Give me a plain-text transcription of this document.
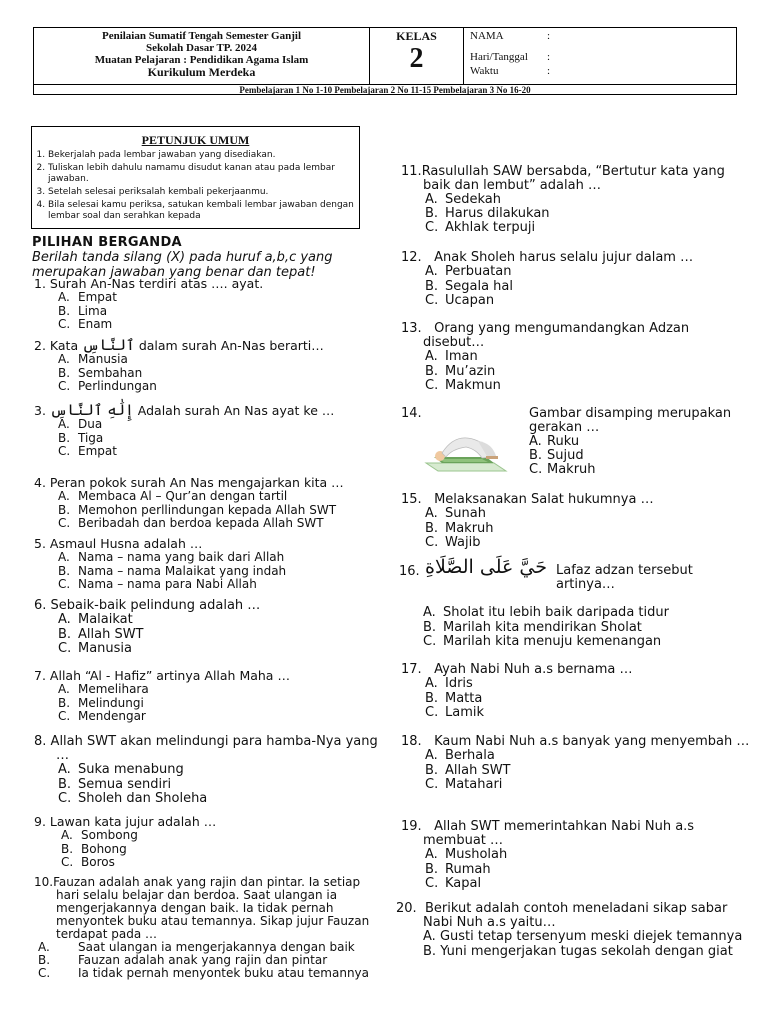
Penilaian Sumatif Tengah Semester Ganjil
Sekolah Dasar TP. 2024
Muatan Pelajaran : Pendidikan Agama Islam
Kurikulum Merdeka
KELAS
2
NAMA	:
Hari/Tanggal :
Waktu	:
Pembelajaran 1 No 1-10 Pembelajaran 2 No 11-15 Pembelajaran 3 No 16-20
PETUNJUK UMUM
1. Bekerjalah pada lembar jawaban yang disediakan.
2. Tuliskan lebih dahulu namamu disudut kanan atau pada lembar jawaban.
3. Setelah selesai periksalah kembali pekerjaanmu.
4. Bila selesai kamu periksa, satukan kembali lembar jawaban dengan lembar soal dan serahkan kepada
PILIHAN BERGANDA
Berilah tanda silang (X) pada huruf a,b,c yang merupakan jawaban yang benar dan tepat!
1. Surah An-Nas terdiri atas …. ayat.
A. Empat
B. Lima
C. Enam
2. Kata ٱلنَّاسِ dalam surah An-Nas berarti…
A. Manusia
B. Sembahan
C. Perlindungan
3. إِلَٰهِ ٱلنَّاسِ Adalah surah An Nas ayat ke …
A. Dua
B. Tiga
C. Empat
4. Peran pokok surah An Nas mengajarkan kita …
A. Membaca Al – Qur’an dengan tartil
B. Memohon perllindungan kepada Allah SWT
C. Beribadah dan berdoa kepada Allah SWT
5. Asmaul Husna adalah …
A. Nama – nama yang baik dari Allah
B. Nama – nama Malaikat yang indah
C. Nama – nama para Nabi Allah
6. Sebaik-baik pelindung adalah …
A. Malaikat
B. Allah SWT
C. Manusia
7. Allah “Al - Hafiz” artinya Allah Maha …
A. Memelihara
B. Melindungi
C. Mendengar
8. Allah SWT akan melindungi para hamba-Nya yang …
A. Suka menabung
B. Semua sendiri
C. Sholeh dan Sholeha
9. Lawan kata jujur adalah …
A. Sombong
B. Bohong
C. Boros
10.Fauzan adalah anak yang rajin dan pintar. Ia setiap hari selalu belajar dan berdoa. Saat ulangan ia mengerjakannya dengan baik. Ia tidak pernah menyontek buku atau temannya. Sikap jujur Fauzan terdapat pada …
A. Saat ulangan ia mengerjakannya dengan baik
B. Fauzan adalah anak yang rajin dan pintar
C. Ia tidak pernah menyontek buku atau temannya
11.Rasulullah SAW bersabda, “Bertutur kata yang baik dan lembut” adalah …
A. Sedekah
B. Harus dilakukan
C. Akhlak terpuji
12. Anak Sholeh harus selalu jujur dalam …
A. Perbuatan
B. Segala hal
C. Ucapan
13. Orang yang mengumandangkan Adzan disebut…
A. Iman
B. Mu’azin
C. Makmun
14.	Gambar disamping merupakan gerakan …
A. Ruku
B. Sujud
C. Makruh
15. Melaksanakan Salat hukumnya …
A. Sunah
B. Makruh
C. Wajib
16. حَيَّ عَلَى الصَّلَاةِ Lafaz adzan tersebut artinya…
A. Sholat itu lebih baik daripada tidur
B. Marilah kita mendirikan Sholat
C. Marilah kita menuju kemenangan
17. Ayah Nabi Nuh a.s bernama …
A. Idris
B. Matta
C. Lamik
18. Kaum Nabi Nuh a.s banyak yang menyembah …
A. Berhala
B. Allah SWT
C. Matahari
19. Allah SWT memerintahkan Nabi Nuh a.s membuat …
A. Musholah
B. Rumah
C. Kapal
20. Berikut adalah contoh meneladani sikap sabar Nabi Nuh a.s yaitu…
A. Gusti tetap tersenyum meski diejek temannya
B. Yuni mengerjakan tugas sekolah dengan giat
